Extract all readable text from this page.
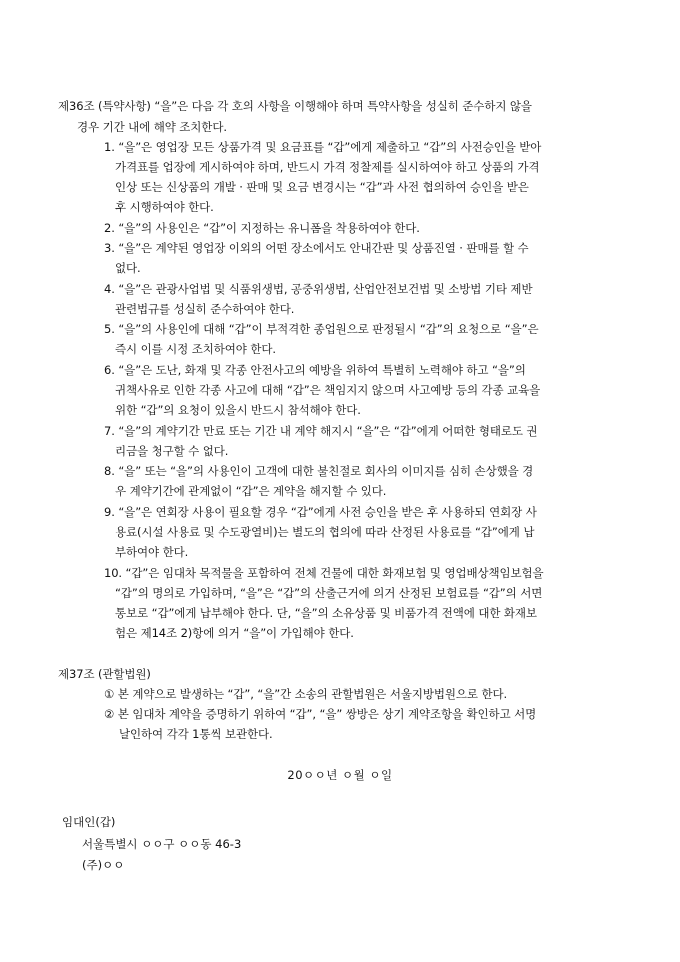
제36조 (특약사항) “을”은 다음 각 호의 사항을 이행해야 하며 특약사항을 성실히 준수하지 않을
경우 기간 내에 해약 조치한다.
1. “을”은 영업장 모든 상품가격 및 요금표를 “갑”에게 제출하고 “갑”의 사전승인을 받아
가격표를 업장에 게시하여야 하며, 반드시 가격 정찰제를 실시하여야 하고 상품의 가격
인상 또는 신상품의 개발 · 판매 및 요금 변경시는 “갑”과 사전 협의하여 승인을 받은
후 시행하여야 한다.
2. “을”의 사용인은 “갑”이 지정하는 유니폼을 착용하여야 한다.
3. “을”은 계약된 영업장 이외의 어떤 장소에서도 안내간판 및 상품진열 · 판매를 할 수
없다.
4. “을”은 관광사업법 및 식품위생법, 공중위생법, 산업안전보건법 및 소방법 기타 제반
관련법규를 성실히 준수하여야 한다.
5. “을”의 사용인에 대해 “갑”이 부적격한 종업원으로 판정될시 “갑”의 요청으로 “을”은
즉시 이를 시정 조치하여야 한다.
6. “을”은 도난, 화재 및 각종 안전사고의 예방을 위하여 특별히 노력해야 하고 “을”의
귀책사유로 인한 각종 사고에 대해 “갑”은 책임지지 않으며 사고예방 등의 각종 교육을
위한 “갑”의 요청이 있을시 반드시 참석해야 한다.
7. “을”의 계약기간 만료 또는 기간 내 계약 해지시 “을”은 “갑”에게 어떠한 형태로도 권
리금을 청구할 수 없다.
8. “을” 또는 “을”의 사용인이 고객에 대한 불친절로 회사의 이미지를 심히 손상했을 경
우 계약기간에 관계없이 “갑”은 계약을 해지할 수 있다.
9. “을”은 연회장 사용이 필요할 경우 “갑”에게 사전 승인을 받은 후 사용하되 연회장 사
용료(시설 사용료 및 수도광열비)는 별도의 협의에 따라 산정된 사용료를 “갑”에게 납
부하여야 한다.
10. “갑”은 임대차 목적물을 포함하여 전체 건물에 대한 화재보험 및 영업배상책임보험을
“갑”의 명의로 가입하며, “을”은 “갑”의 산출근거에 의거 산정된 보험료를 “갑”의 서면
통보로 “갑”에게 납부해야 한다. 단, “을”의 소유상품 및 비품가격 전액에 대한 화재보
험은 제14조 2)항에 의거 “을”이 가입해야 한다.
제37조 (관할법원)
① 본 계약으로 발생하는 “갑”, “을”간 소송의 관할법원은 서울지방법원으로 한다.
② 본 임대차 계약을 증명하기 위하여 “갑”, “을” 쌍방은 상기 계약조항을 확인하고 서명
날인하여 각각 1통씩 보관한다.
20ㅇㅇ년 ㅇ월 ㅇ일
임대인(갑)
서울특별시 ㅇㅇ구 ㅇㅇ동 46-3
(주)ㅇㅇ
